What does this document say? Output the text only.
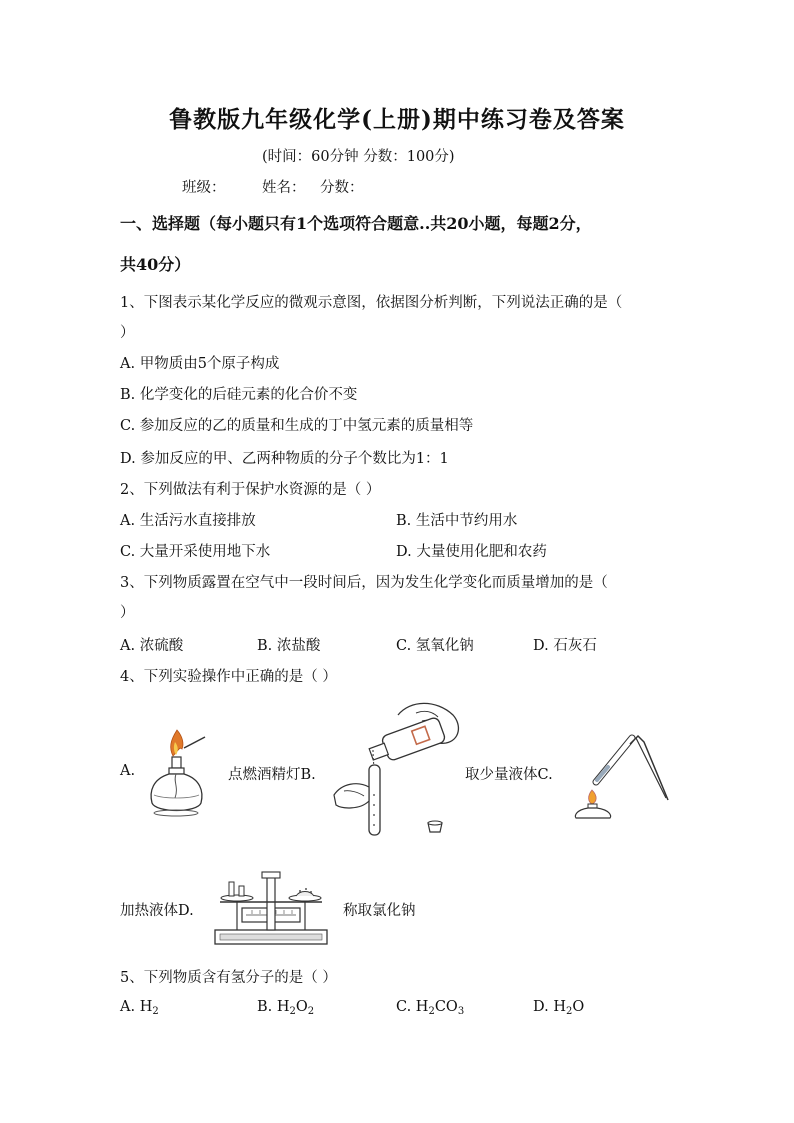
鲁教版九年级化学(上册)期中练习卷及答案
(时间：60分钟 分数：100分)
班级：	姓名： 分数：
一、选择题（每小题只有1个选项符合题意..共20小题，每题2分，
共40分）
1、下图表示某化学反应的微观示意图，依据图分析判断，下列说法正确的是（
）
A. 甲物质由5个原子构成
B. 化学变化的后硅元素的化合价不变
C. 参加反应的乙的质量和生成的丁中氢元素的质量相等
D. 参加反应的甲、乙两种物质的分子个数比为1：1
2、下列做法有利于保护水资源的是（ ）
A. 生活污水直接排放	B. 生活中节约用水
C. 大量开采使用地下水	D. 大量使用化肥和农药
3、下列物质露置在空气中一段时间后，因为发生化学变化而质量增加的是（
）
A. 浓硫酸	B. 浓盐酸	C. 氢氧化钠	D. 石灰石
4、下列实验操作中正确的是（ ）
A.	点燃酒精灯B.	取少量液体C.
加热液体D.	称取氯化钠
5、下列物质含有氢分子的是（ ）
A. $H_2$	B. $H_2O_2$	C. $H_2CO_3$	D. $H_2O$
